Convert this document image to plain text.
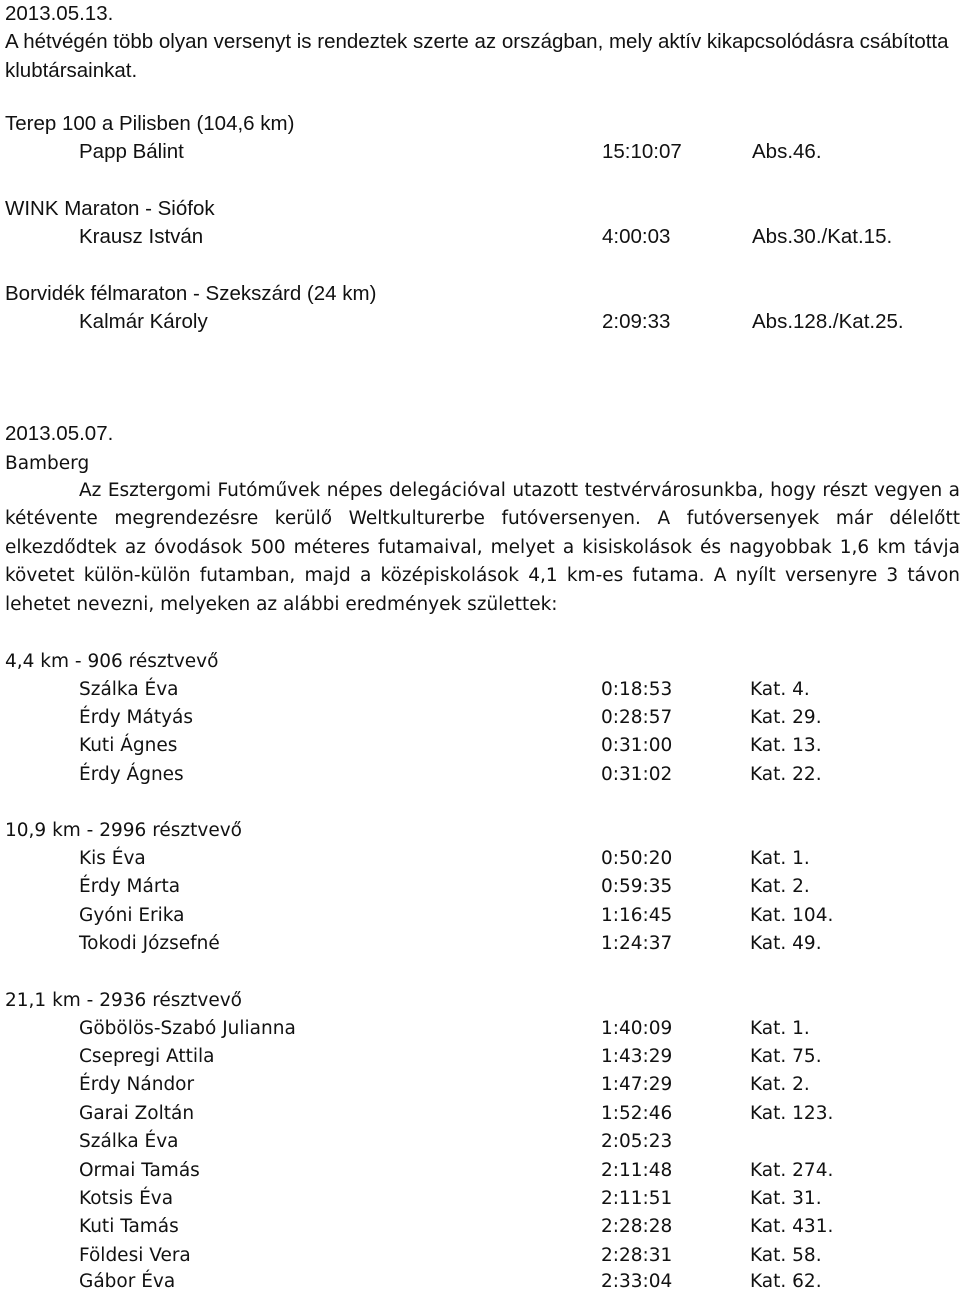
2013.05.13.
A hétvégén több olyan versenyt is rendeztek szerte az országban, mely aktív kikapcsolódásra csábította
klubtársainkat.
Terep 100 a Pilisben (104,6 km)
Papp Bálint	15:10:07	Abs.46.
WINK Maraton - Siófok
Krausz István	4:00:03	Abs.30./Kat.15.
Borvidék félmaraton - Szekszárd (24 km)
Kalmár Károly	2:09:33	Abs.128./Kat.25.
2013.05.07.
Bamberg
Az Esztergomi Futóművek népes delegációval utazott testvérvárosunkba, hogy részt vegyen a kétévente megrendezésre kerülő Weltkulturerbe futóversenyen. A futóversenyek már délelőtt elkezdődtek az óvodások 500 méteres futamaival, melyet a kisiskolások és nagyobbak 1,6 km távja követet külön-külön futamban, majd a középiskolások 4,1 km-es futama. A nyílt versenyre 3 távon lehetet nevezni, melyeken az alábbi eredmények születtek:
4,4 km - 906 résztvevő
Szálka Éva	0:18:53	Kat. 4.
Érdy Mátyás	0:28:57	Kat. 29.
Kuti Ágnes	0:31:00	Kat. 13.
Érdy Ágnes	0:31:02	Kat. 22.
10,9 km - 2996 résztvevő
Kis Éva	0:50:20	Kat. 1.
Érdy Márta	0:59:35	Kat. 2.
Gyóni Erika	1:16:45	Kat. 104.
Tokodi Józsefné	1:24:37	Kat. 49.
21,1 km - 2936 résztvevő
Göbölös-Szabó Julianna	1:40:09	Kat. 1.
Csepregi Attila	1:43:29	Kat. 75.
Érdy Nándor	1:47:29	Kat. 2.
Garai Zoltán	1:52:46	Kat. 123.
Szálka Éva	2:05:23
Ormai Tamás	2:11:48	Kat. 274.
Kotsis Éva	2:11:51	Kat. 31.
Kuti Tamás	2:28:28	Kat. 431.
Földesi Vera	2:28:31	Kat. 58.
Gábor Éva	2:33:04	Kat. 62.
